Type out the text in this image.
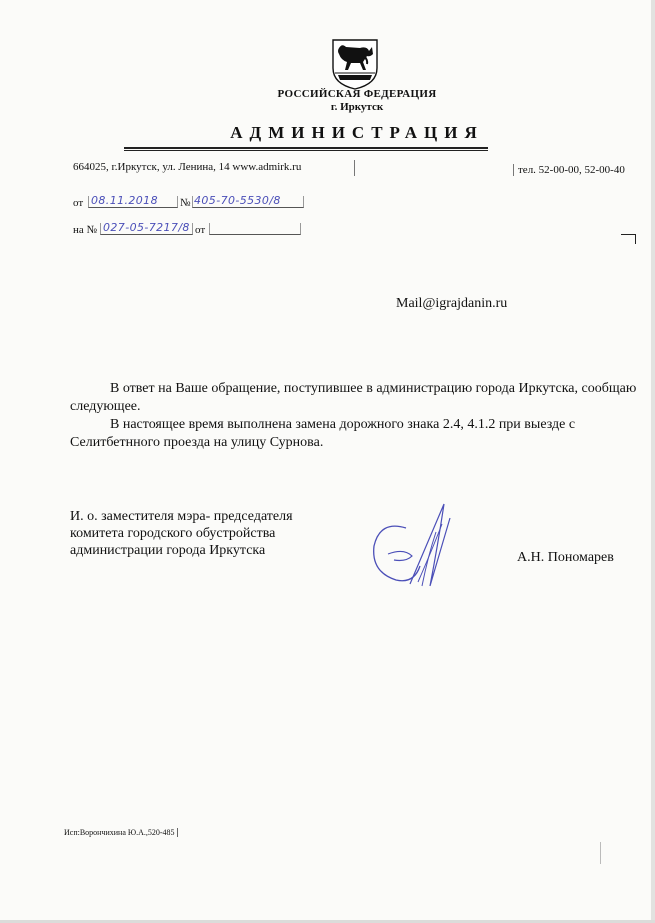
РОССИЙСКАЯ ФЕДЕРАЦИЯ
г. Иркутск
АДМИНИСТРАЦИЯ
664025, г.Иркутск, ул. Ленина, 14 www.admirk.ru	тел. 52-00-00, 52-00-40
от 08.11.2018 № 405-70-5530/8
на № 027-05-7217/8 от
Mail@igrajdanin.ru

В ответ на Ваше обращение, поступившее в администрацию города Иркутска, сообщаю следующее.

В настоящее время выполнена замена дорожного знака 2.4, 4.1.2 при выезде с Селитбетнного проезда на улицу Сурнова.

И. о. заместителя мэра- председателя
комитета городского обустройства
администрации города Иркутска	А.Н. Пономарев
Исп:Ворончихина Ю.А.,520-485
